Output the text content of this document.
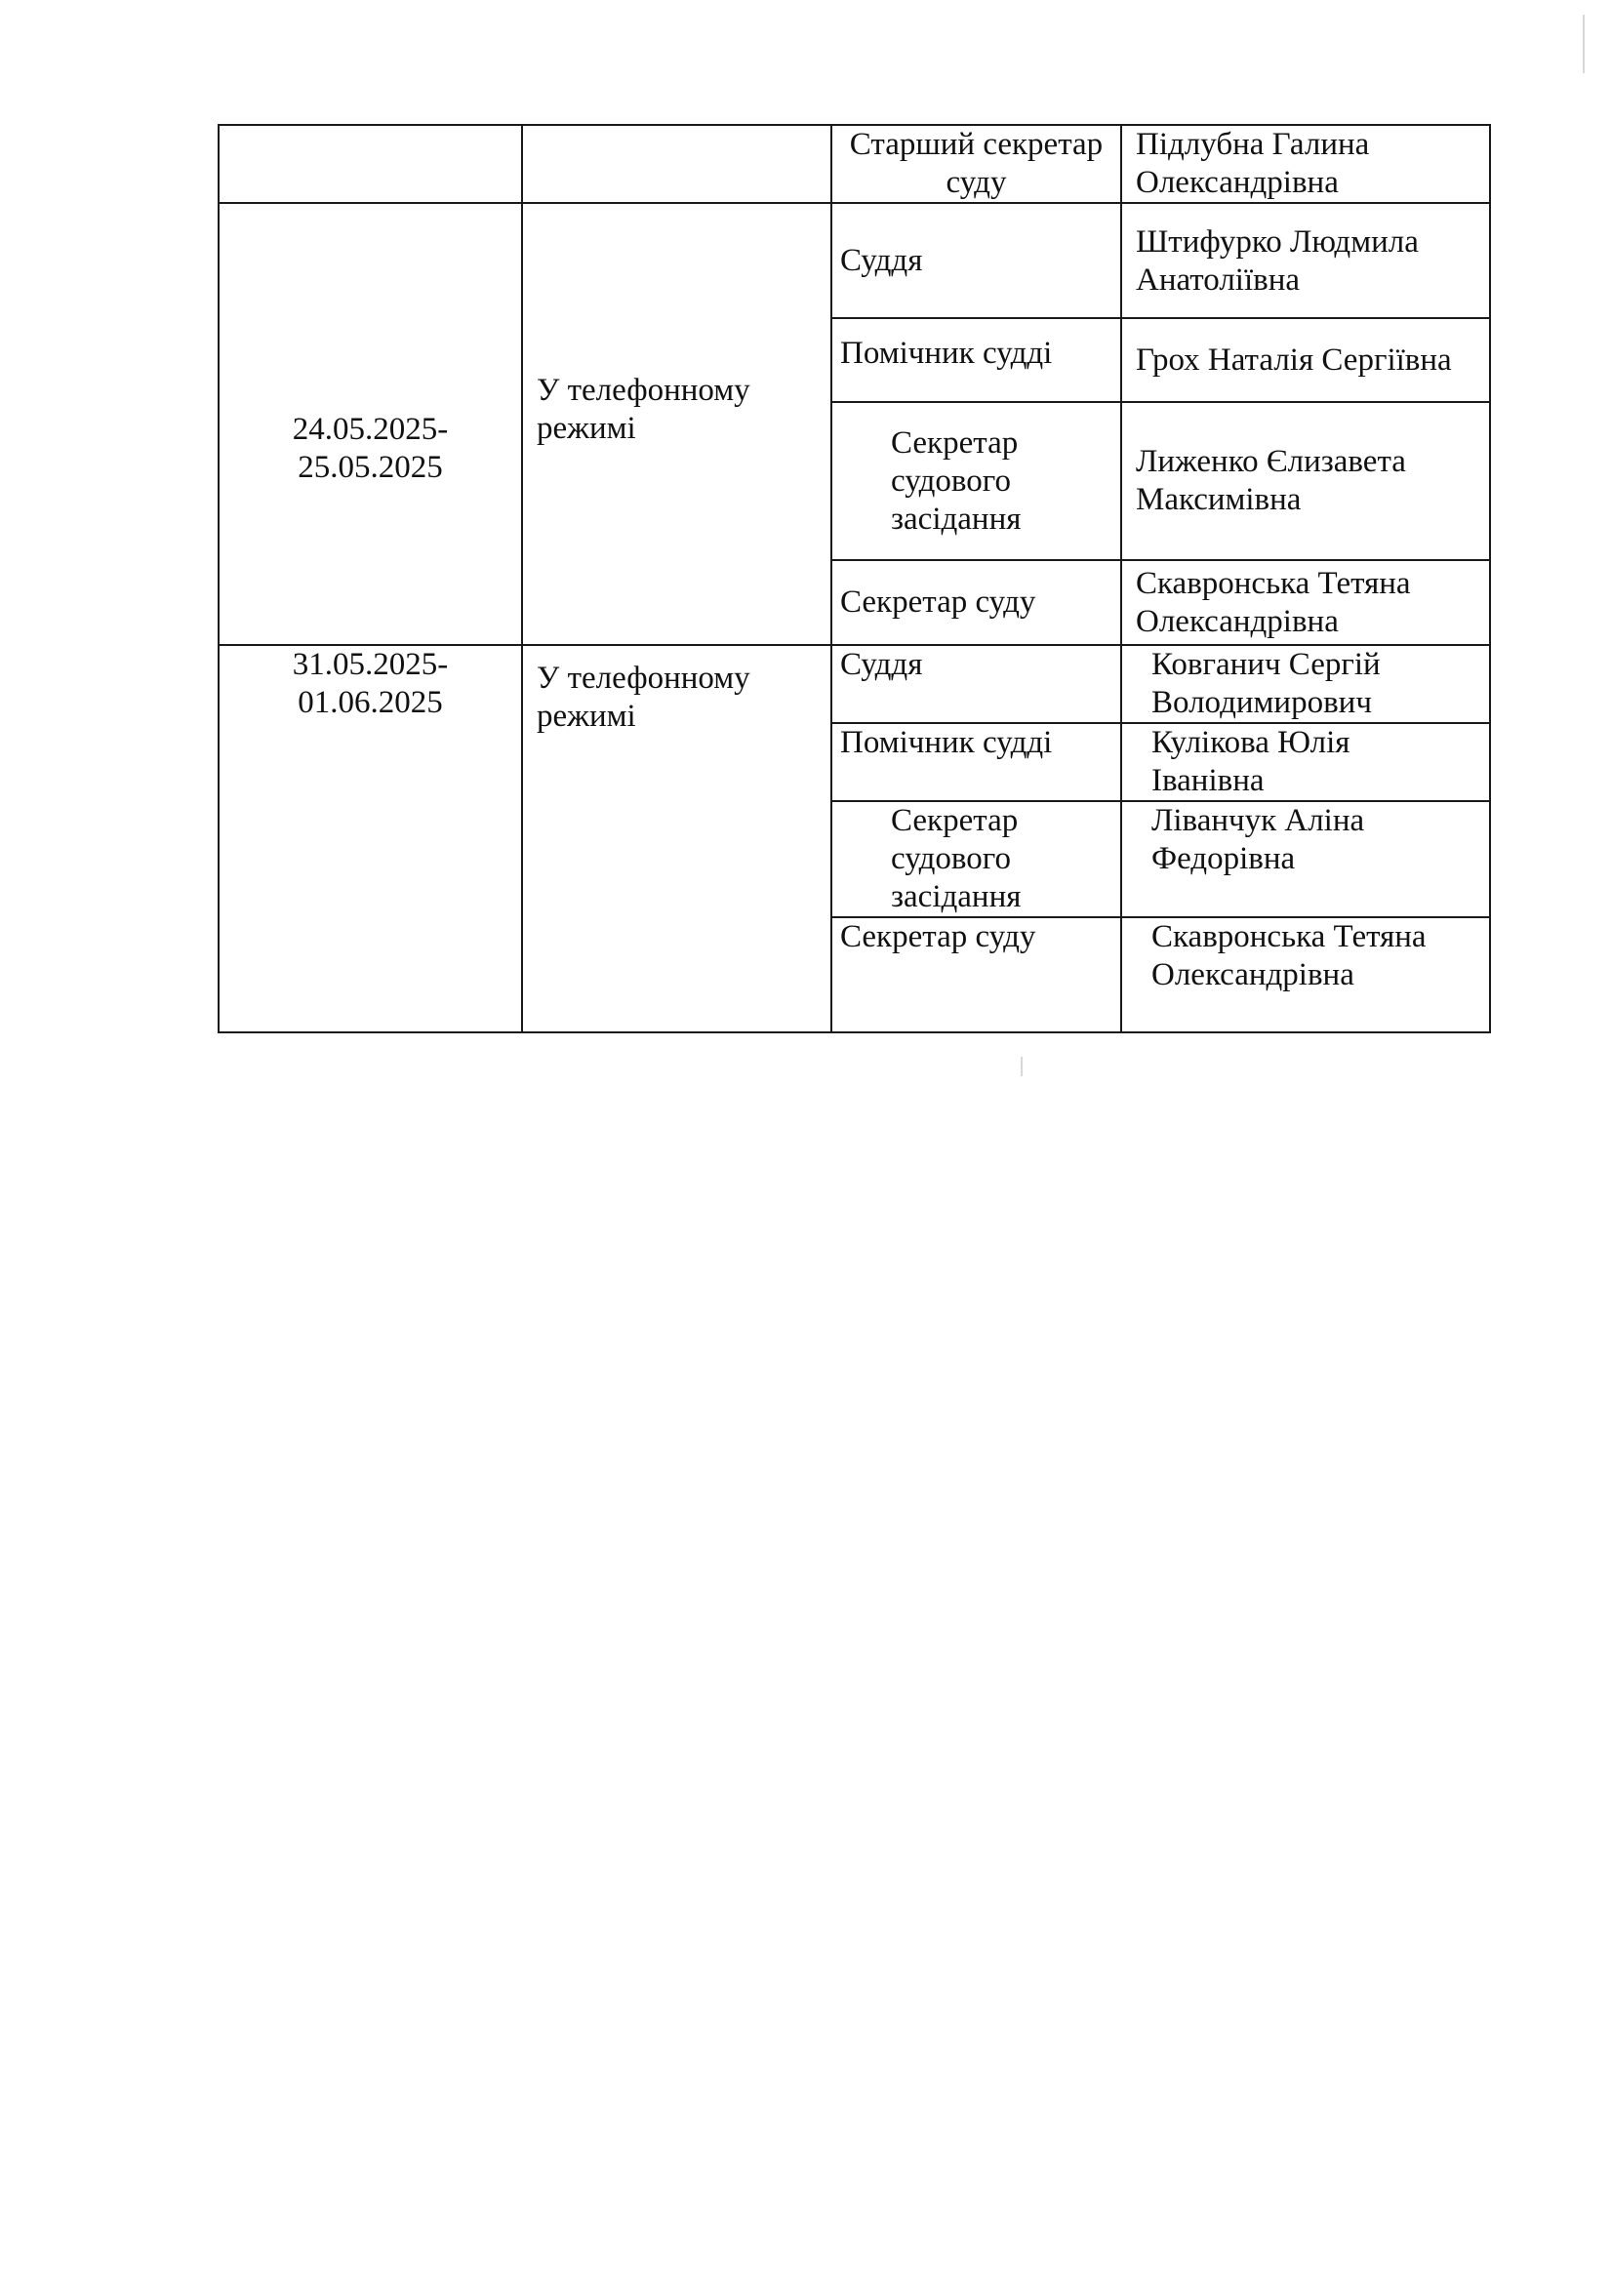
		Старший секретар суду	Підлубна Галина Олександрівна

24.05.2025-
25.05.2025	У телефонному режимі	Суддя	Штифурко Людмила Анатоліївна

		Помічник судді	Грох Наталія Сергіївна

		Секретар судового засідання	Лиженко Єлизавета Максимівна

		Секретар суду	Скавронська Тетяна Олександрівна

31.05.2025-
01.06.2025	У телефонному режимі	Суддя	Ковганич Сергій Володимирович

		Помічник судді	Кулікова Юлія Іванівна

		Секретар судового засідання	Ліванчук Аліна Федорівна

		Секретар суду	Скавронська Тетяна Олександрівна
